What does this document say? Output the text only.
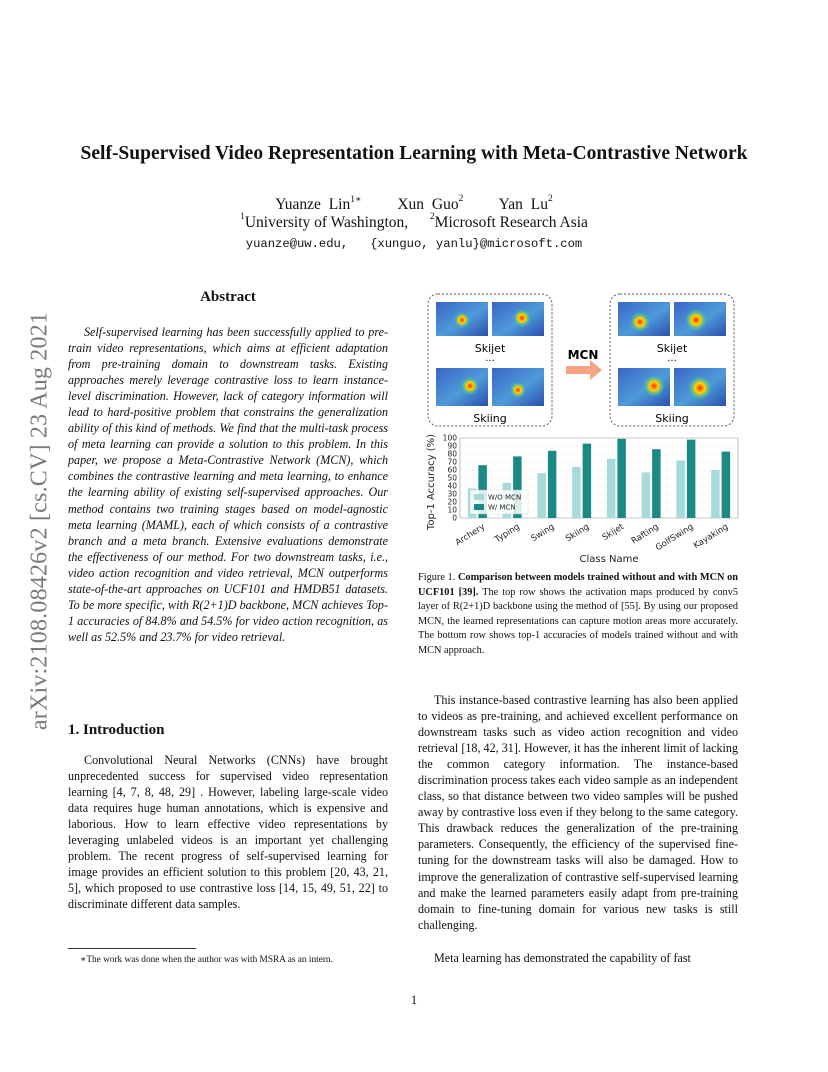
arXiv:2108.08426v2 [cs.CV] 23 Aug 2021
Self-Supervised Video Representation Learning with Meta-Contrastive Network
Yuanze Lin$^{1∗}$ Xun Guo$^2$ Yan Lu$^2$
$^1$University of Washington, $^2$Microsoft Research Asia
yuanze@uw.edu,   {xunguo, yanlu}@microsoft.com
Abstract
Self-supervised learning has been successfully applied to pre-train video representations, which aims at efficient adaptation from pre-training domain to downstream tasks. Existing approaches merely leverage contrastive loss to learn instance-level discrimination. However, lack of category information will lead to hard-positive problem that constrains the generalization ability of this kind of methods. We find that the multi-task process of meta learning can provide a solution to this problem. In this paper, we propose a Meta-Contrastive Network (MCN), which combines the contrastive learning and meta learning, to enhance the learning ability of existing self-supervised approaches. Our method contains two training stages based on model-agnostic meta learning (MAML), each of which consists of a contrastive branch and a meta branch. Extensive evaluations demonstrate the effectiveness of our method. For two downstream tasks, i.e., video action recognition and video retrieval, MCN outperforms state-of-the-art approaches on UCF101 and HMDB51 datasets. To be more specific, with R(2+1)D backbone, MCN achieves Top-1 accuracies of 84.8% and 54.5% for video action recognition, as well as 52.5% and 23.7% for video retrieval.
1. Introduction
Convolutional Neural Networks (CNNs) have brought unprecedented success for supervised video representation learning [4, 7, 8, 48, 29] . However, labeling large-scale video data requires huge human annotations, which is expensive and laborious. How to learn effective video representations by leveraging unlabeled videos is an important yet challenging problem. The recent progress of self-supervised learning for image provides an efficient solution to this problem [20, 43, 21, 5], which proposed to use contrastive loss [14, 15, 49, 51, 22] to discriminate different data samples.
∗The work was done when the author was with MSRA as an intern.
Skijet
···
Skiing
MCN	Skijet
···
Skiing
0
10
20
30
40
50
60
70
80
90
100
Archery Typing Swing Skiing Skijet Rafting
GolfSwing
Kayaking
W/O MCN
W/ MCN
Class Name
Top-1 Accuracy (%)
Figure 1. Comparison between models trained without and with MCN on UCF101 [39]. The top row shows the activation maps produced by conv5 layer of R(2+1)D backbone using the method of [55]. By using our proposed MCN, the learned representations can capture motion areas more accurately. The bottom row shows top-1 accuracies of models trained without and with MCN approach.
This instance-based contrastive learning has also been applied to videos as pre-training, and achieved excellent performance on downstream tasks such as video action recognition and video retrieval [18, 42, 31]. However, it has the inherent limit of lacking the common category information. The instance-based discrimination process takes each video sample as an independent class, so that distance between two video samples will be pushed away by contrastive loss even if they belong to the same category. This drawback reduces the generalization of the pre-training parameters. Consequently, the efficiency of the supervised fine-tuning for the downstream tasks will also be damaged. How to improve the generalization of contrastive self-supervised learning and make the learned parameters easily adapt from pre-training domain to fine-tuning domain for various new tasks is still challenging.
Meta learning has demonstrated the capability of fast
1
